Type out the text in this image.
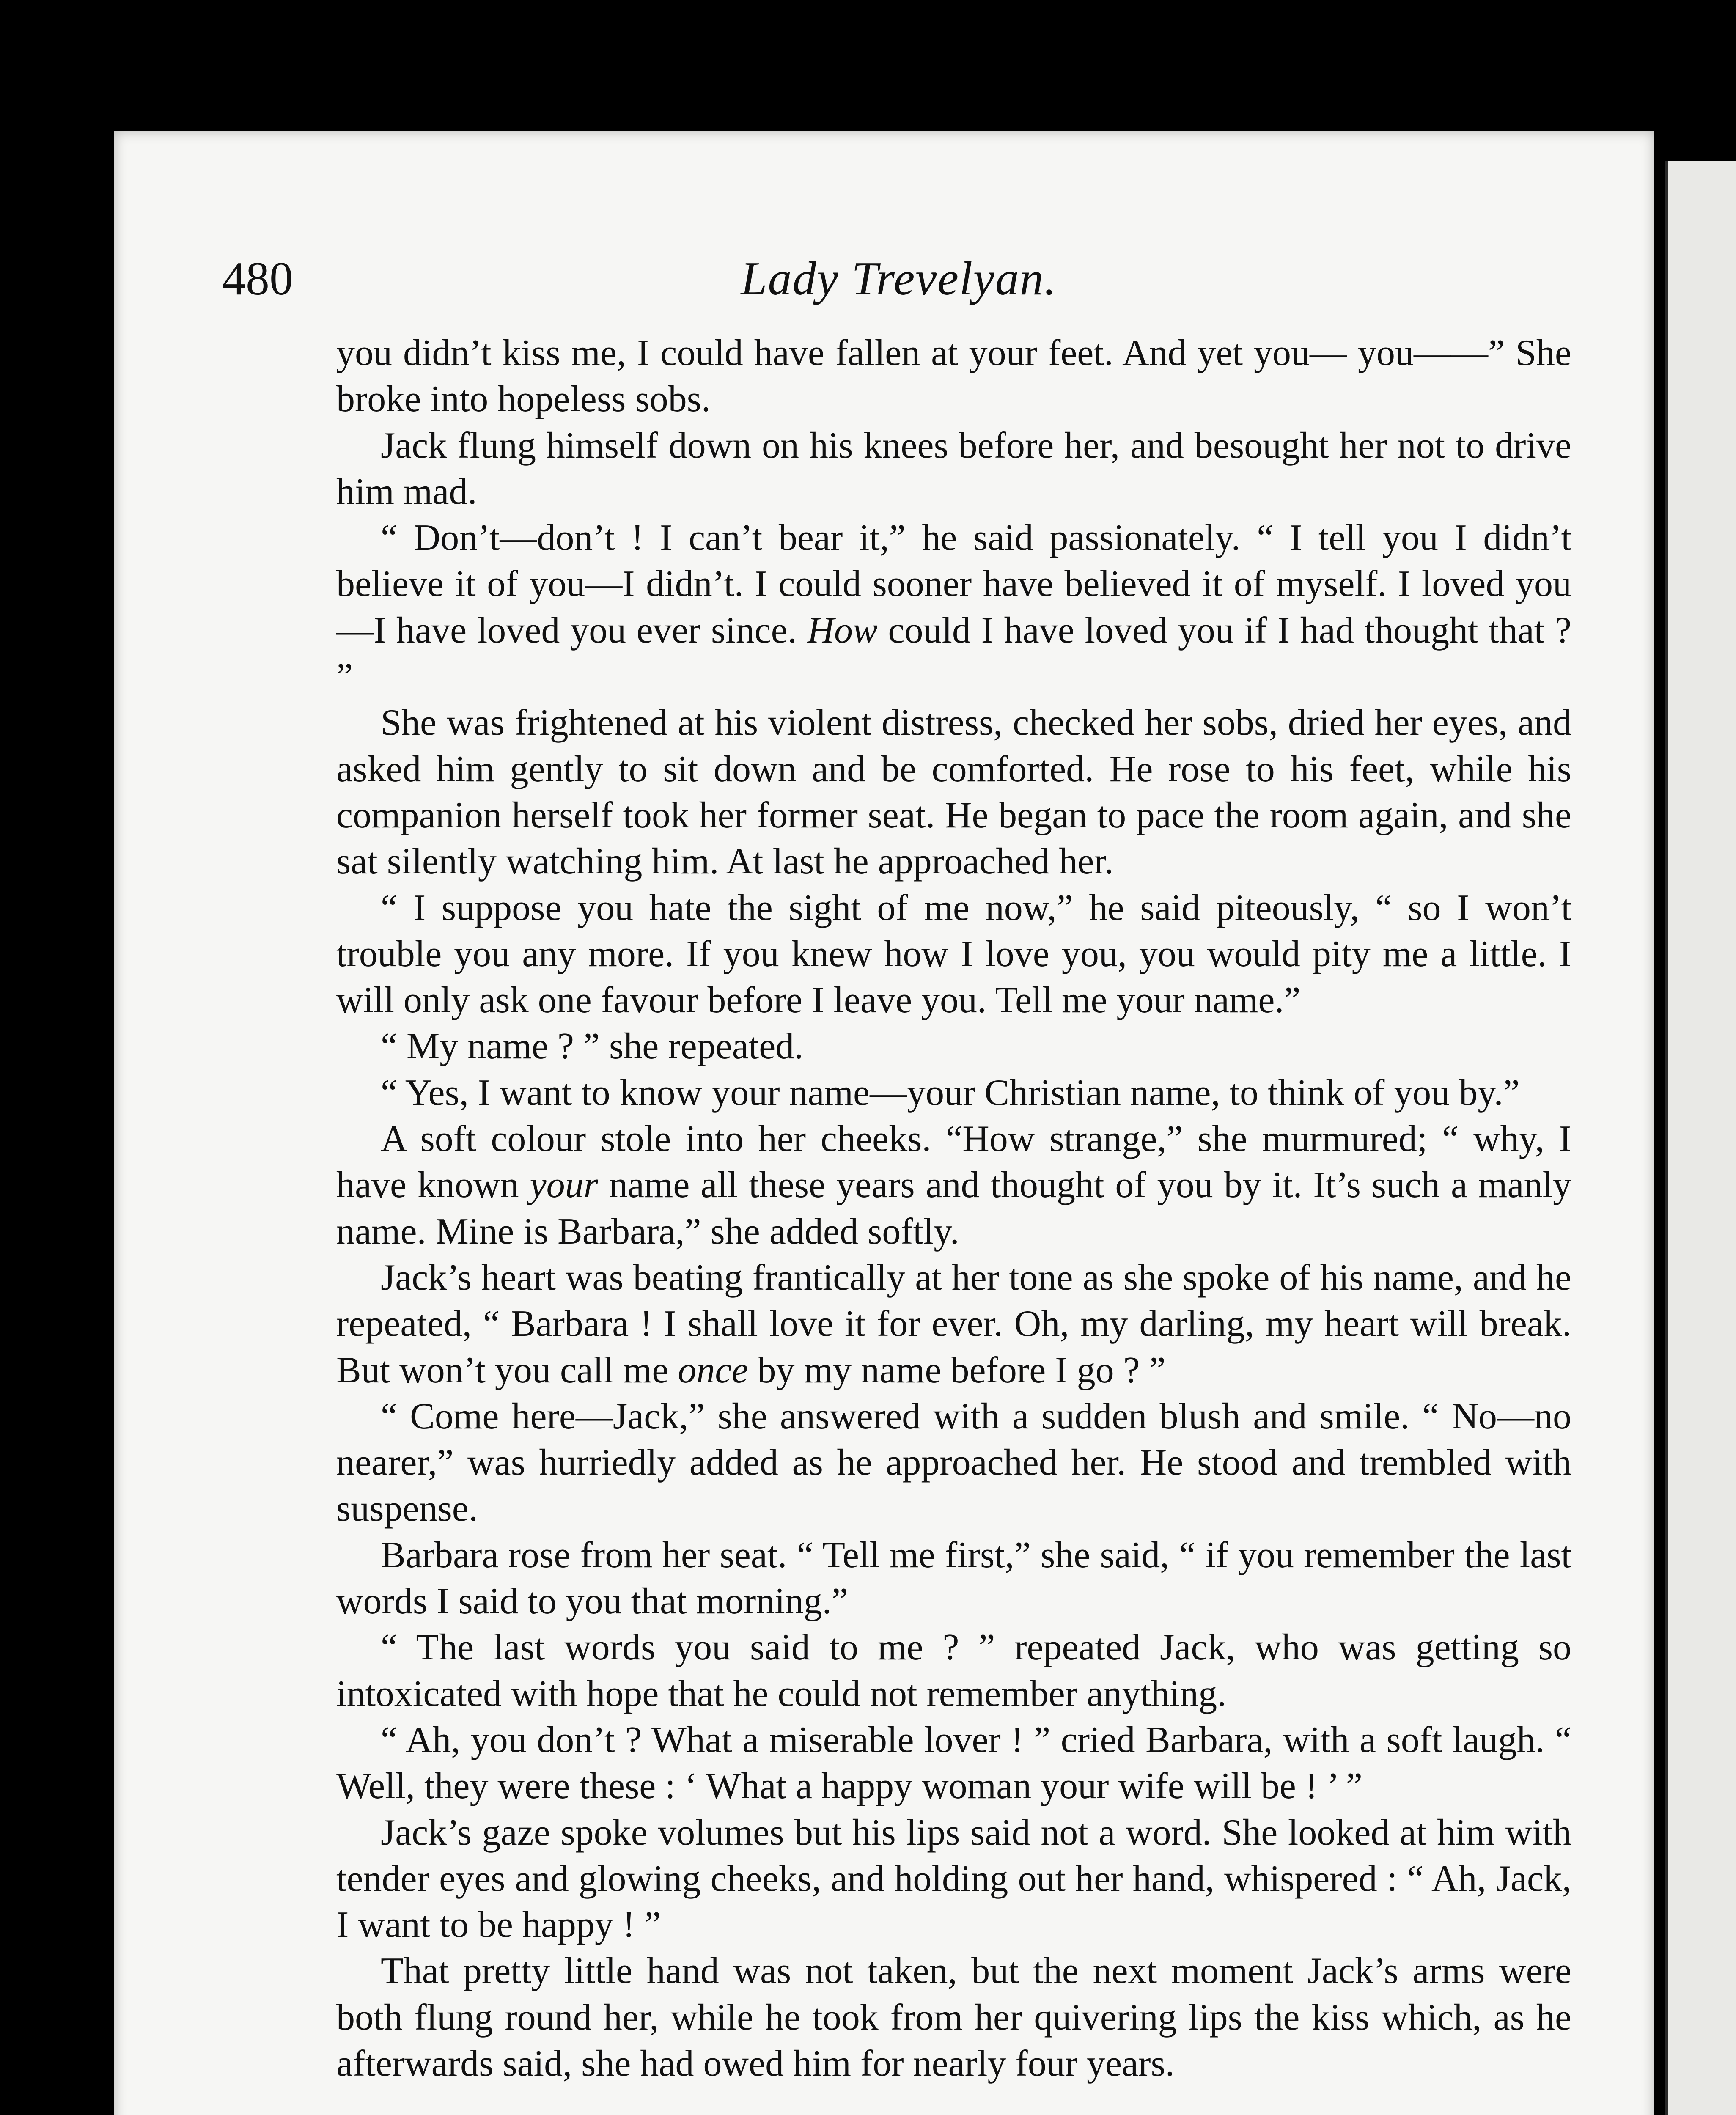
480	Lady Trevelyan.

you didn’t kiss me, I could have fallen at your feet. And yet you— you——” She broke into hopeless sobs.

Jack flung himself down on his knees before her, and besought her not to drive him mad.

“ Don’t—don’t ! I can’t bear it,” he said passionately. “ I tell you I didn’t believe it of you—I didn’t. I could sooner have believed it of myself. I loved you—I have loved you ever since. How could I have loved you if I had thought that ? ”

She was frightened at his violent distress, checked her sobs, dried her eyes, and asked him gently to sit down and be comforted. He rose to his feet, while his companion herself took her former seat. He began to pace the room again, and she sat silently watching him. At last he approached her.

“ I suppose you hate the sight of me now,” he said piteously, “ so I won’t trouble you any more. If you knew how I love you, you would pity me a little. I will only ask one favour before I leave you. Tell me your name.”

“ My name ? ” she repeated.

“ Yes, I want to know your name—your Christian name, to think of you by.”

A soft colour stole into her cheeks. “How strange,” she murmured; “ why, I have known your name all these years and thought of you by it. It’s such a manly name. Mine is Barbara,” she added softly.

Jack’s heart was beating frantically at her tone as she spoke of his name, and he repeated, “ Barbara ! I shall love it for ever. Oh, my darling, my heart will break. But won’t you call me once by my name before I go ? ”

“ Come here—Jack,” she answered with a sudden blush and smile. “ No—no nearer,” was hurriedly added as he approached her. He stood and trembled with suspense.

Barbara rose from her seat. “ Tell me first,” she said, “ if you remember the last words I said to you that morning.”

“ The last words you said to me ? ” repeated Jack, who was getting so intoxicated with hope that he could not remember anything.

“ Ah, you don’t ? What a miserable lover ! ” cried Barbara, with a soft laugh. “ Well, they were these : ‘ What a happy woman your wife will be ! ’ ”

Jack’s gaze spoke volumes but his lips said not a word. She looked at him with tender eyes and glowing cheeks, and holding out her hand, whispered : “ Ah, Jack, I want to be happy ! ”

That pretty little hand was not taken, but the next moment Jack’s arms were both flung round her, while he took from her quivering lips the kiss which, as he afterwards said, she had owed him for nearly four years.
